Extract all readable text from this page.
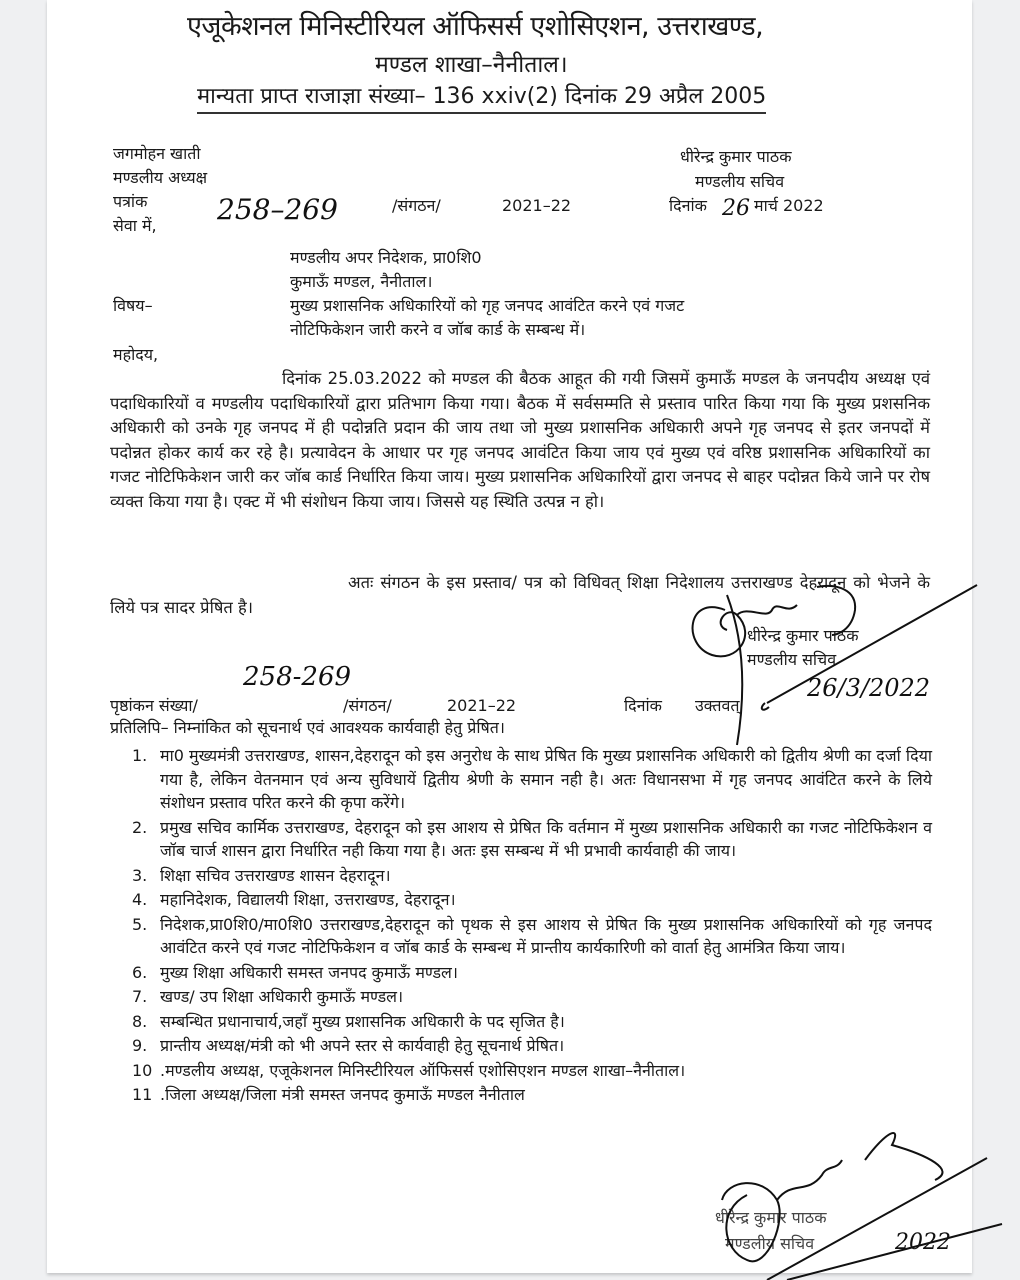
एजूकेशनल मिनिस्टीरियल ऑफिसर्स एशोसिएशन, उत्तराखण्ड,
मण्डल शाखा–नैनीताल।
मान्यता प्राप्त राजाज्ञा संख्या– 136 xxiv(2) दिनांक 29 अप्रैल 2005
जगमोहन खाती
मण्डलीय अध्यक्ष
पत्रांक
सेवा में, 258–269	/संगठन/	2021–22
धीरेन्द्र कुमार पाठक
मण्डलीय सचिव
दिनांक 26 मार्च 2022
मण्डलीय अपर निदेशक, प्रा0शि0
कुमाऊँ मण्डल, नैनीताल।
विषय–	मुख्य प्रशासनिक अधिकारियों को गृह जनपद आवंटित करने एवं गजट
नोटिफिकेशन जारी करने व जॉब कार्ड के सम्बन्ध में।
महोदय,
दिनांक 25.03.2022 को मण्डल की बैठक आहूत की गयी जिसमें कुमाऊँ मण्डल के जनपदीय अध्यक्ष एवं पदाधिकारियों व मण्डलीय पदाधिकारियों द्वारा प्रतिभाग किया गया। बैठक में सर्वसम्मति से प्रस्ताव पारित किया गया कि मुख्य प्रशसनिक अधिकारी को उनके गृह जनपद में ही पदोन्नति प्रदान की जाय तथा जो मुख्य प्रशासनिक अधिकारी अपने गृह जनपद से इतर जनपदों में पदोन्नत होकर कार्य कर रहे है। प्रत्यावेदन के आधार पर गृह जनपद आवंटित किया जाय एवं मुख्य एवं वरिष्ठ प्रशासनिक अधिकारियों का गजट नोटिफिकेशन जारी कर जॉब कार्ड निर्धारित किया जाय। मुख्य प्रशासनिक अधिकारियों द्वारा जनपद से बाहर पदोन्नत किये जाने पर रोष व्यक्त किया गया है। एक्ट में भी संशोधन किया जाय। जिससे यह स्थिति उत्पन्न न हो।
अतः संगठन के इस प्रस्ताव/ पत्र को विधिवत् शिक्षा निदेशालय उत्तराखण्ड देहरादून को भेजने के लिये पत्र सादर प्रेषित है।
धीरेन्द्र कुमार पाठक
मण्डलीय सचिव
26/3/2022
पृष्ठांकन संख्या/
258-269
/संगठन/	2021–22	दिनांक उक्तवत्
प्रतिलिपि– निम्नांकित को सूचनार्थ एवं आवश्यक कार्यवाही हेतु प्रेषित।
1. मा0 मुख्यमंत्री उत्तराखण्ड, शासन,देहरादून को इस अनुरोध के साथ प्रेषित कि मुख्य प्रशासनिक अधिकारी को द्वितीय श्रेणी का दर्जा दिया गया है, लेकिन वेतनमान एवं अन्य सुविधायें द्वितीय श्रेणी के समान नही है। अतः विधानसभा में गृह जनपद आवंटित करने के लिये संशोधन प्रस्ताव परित करने की कृपा करेंगे।
2. प्रमुख सचिव कार्मिक उत्तराखण्ड, देहरादून को इस आशय से प्रेषित कि वर्तमान में मुख्य प्रशासनिक अधिकारी का गजट नोटिफिकेशन व जॉब चार्ज शासन द्वारा निर्धारित नही किया गया है। अतः इस सम्बन्ध में भी प्रभावी कार्यवाही की जाय।
3. शिक्षा सचिव उत्तराखण्ड शासन देहरादून।
4. महानिदेशक, विद्यालयी शिक्षा, उत्तराखण्ड, देहरादून।
5. निदेशक,प्रा0शि0/मा0शि0 उत्तराखण्ड,देहरादून को पृथक से इस आशय से प्रेषित कि मुख्य प्रशासनिक अधिकारियों को गृह जनपद आवंटित करने एवं गजट नोटिफिकेशन व जॉब कार्ड के सम्बन्ध में प्रान्तीय कार्यकारिणी को वार्ता हेतु आमंत्रित किया जाय।
6. मुख्य शिक्षा अधिकारी समस्त जनपद कुमाऊँ मण्डल।
7. खण्ड/ उप शिक्षा अधिकारी कुमाऊँ मण्डल।
8. सम्बन्धित प्रधानाचार्य,जहाँ मुख्य प्रशासनिक अधिकारी के पद सृजित है।
9. प्रान्तीय अध्यक्ष/मंत्री को भी अपने स्तर से कार्यवाही हेतु सूचनार्थ प्रेषित।
10 .मण्डलीय अध्यक्ष, एजूकेशनल मिनिस्टीरियल ऑफिसर्स एशोसिएशन मण्डल शाखा–नैनीताल।
11 .जिला अध्यक्ष/जिला मंत्री समस्त जनपद कुमाऊँ मण्डल नैनीताल
धीरेन्द्र कुमार पाठक
मण्डलीय सचिव	2022
